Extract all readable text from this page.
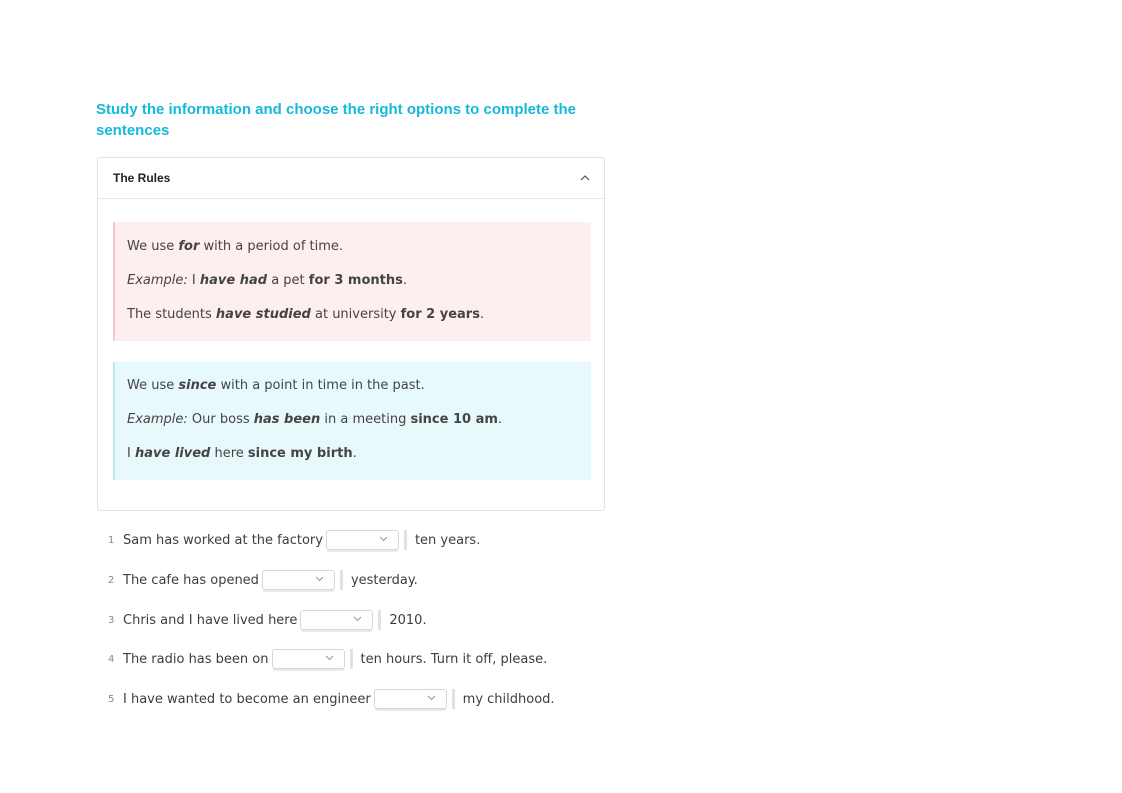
Study the information and choose the right options to complete the sentences
The Rules

We use for with a period of time.

Example: I have had a pet for 3 months.

The students have studied at university for 2 years.

We use since with a point in time in the past.

Example: Our boss has been in a meeting since 10 am.

I have lived here since my birth.

1 Sam has worked at the factory	ten years.
2 The cafe has opened	yesterday.
3 Chris and I have lived here	2010.
4 The radio has been on	ten hours. Turn it off, please.
5 I have wanted to become an engineer	my childhood.
